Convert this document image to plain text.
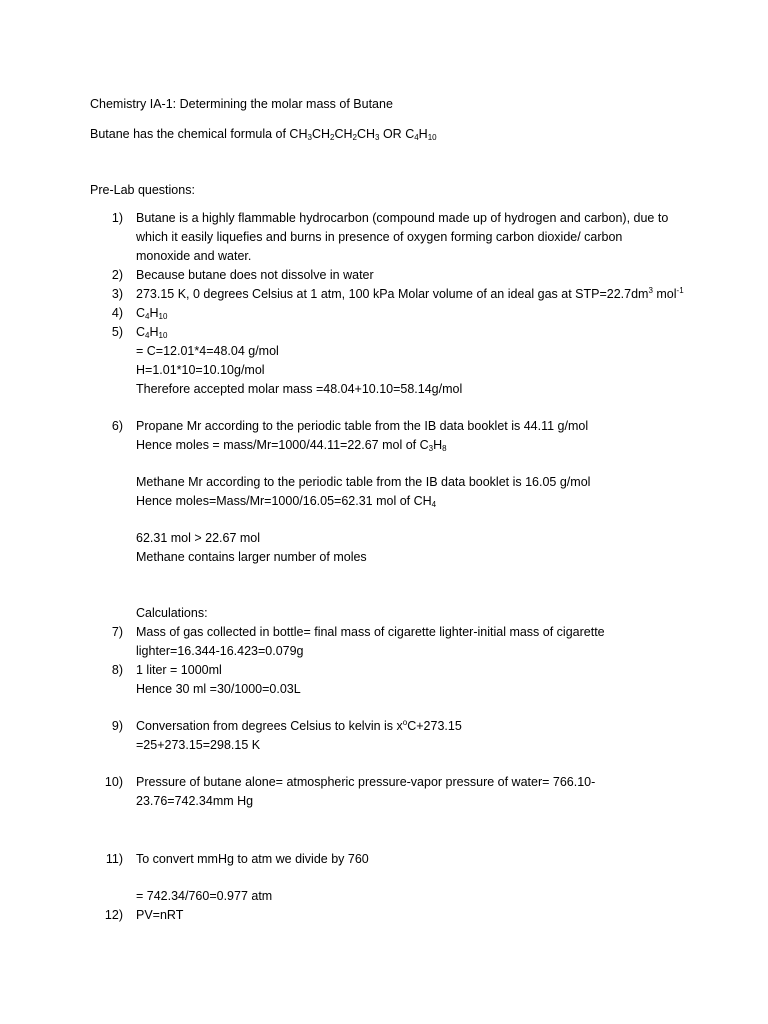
Chemistry IA-1: Determining the molar mass of Butane
Butane has the chemical formula of $CH_3CH_2CH_2CH_3$ OR $C_4H_{10}$
Pre-Lab questions:
1) Butane is a highly flammable hydrocarbon (compound made up of hydrogen and carbon), due to
which it easily liquefies and burns in presence of oxygen forming carbon dioxide/ carbon
monoxide and water.
2) Because butane does not dissolve in water
3) 273.15 K, 0 degrees Celsius at 1 atm, 100 kPa Molar volume of an ideal gas at $STP=22.7dm^3$ mol$^{-1}$
4) $C_4H_{10}$
5) $C_4H_{10}$
= C=12.01*4=48.04 g/mol
H=1.01*10=10.10g/mol
Therefore accepted molar mass =48.04+10.10=58.14g/mol
6) Propane Mr according to the periodic table from the IB data booklet is 44.11 g/mol
Hence moles = mass/Mr=1000/44.11=22.67 mol of $C_3H_8$
Methane Mr according to the periodic table from the IB data booklet is 16.05 g/mol
Hence moles=Mass/Mr=1000/16.05=62.31 mol of $CH_4$
62.31 mol > 22.67 mol
Methane contains larger number of moles
Calculations:
7) Mass of gas collected in bottle= final mass of cigarette lighter-initial mass of cigarette
lighter=16.344-16.423=0.079g
8) 1 liter = 1000ml
Hence 30 ml =30/1000=0.03L
9) Conversation from degrees Celsius to kelvin is $x^oC+273.15$
=25+273.15=298.15 K
10) Pressure of butane alone= atmospheric pressure-vapor pressure of water= 766.10-
23.76=742.34mm Hg
11) To convert mmHg to atm we divide by 760
= 742.34/760=0.977 atm
12) PV=nRT
